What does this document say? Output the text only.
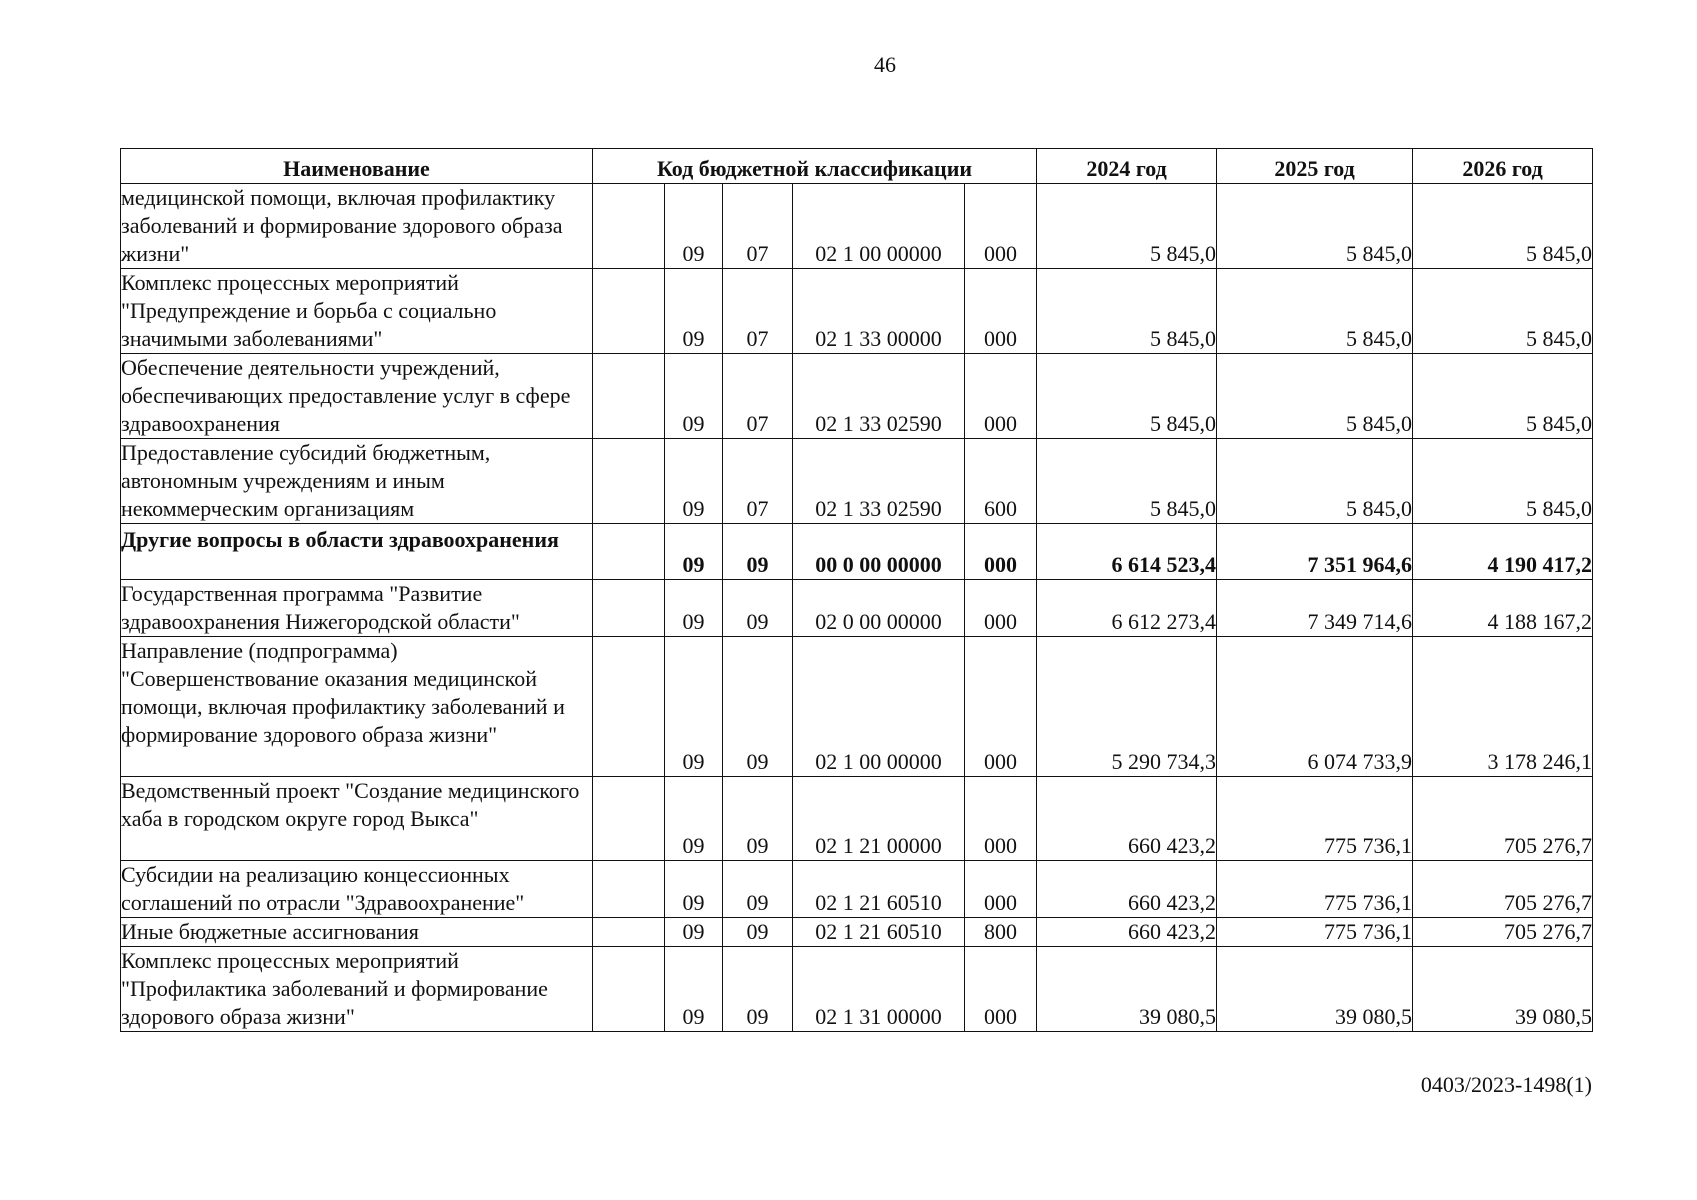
46
Наименование	Код бюджетной классификации					2024 год	2025 год	2026 год
медицинской помощи, включая профилактику заболеваний и формирование здорового образа жизни"		09	07	02 1 00 00000	000	5 845,0	5 845,0	5 845,0
Комплекс процессных мероприятий "Предупреждение и борьба с социально значимыми заболеваниями"		09	07	02 1 33 00000	000	5 845,0	5 845,0	5 845,0
Обеспечение деятельности учреждений, обеспечивающих предоставление услуг в сфере здравоохранения		09	07	02 1 33 02590	000	5 845,0	5 845,0	5 845,0
Предоставление субсидий бюджетным, автономным учреждениям и иным некоммерческим организациям		09	07	02 1 33 02590	600	5 845,0	5 845,0	5 845,0
Другие вопросы в области здравоохранения		09	09	00 0 00 00000	000	6 614 523,4	7 351 964,6	4 190 417,2
Государственная программа "Развитие здравоохранения Нижегородской области"		09	09	02 0 00 00000	000	6 612 273,4	7 349 714,6	4 188 167,2
Направление (подпрограмма) "Совершенствование оказания медицинской помощи, включая профилактику заболеваний и формирование здорового образа жизни"		09	09	02 1 00 00000	000	5 290 734,3	6 074 733,9	3 178 246,1
Ведомственный проект "Создание медицинского хаба в городском округе город Выкса"		09	09	02 1 21 00000	000	660 423,2	775 736,1	705 276,7
Субсидии на реализацию концессионных соглашений по отрасли "Здравоохранение"		09	09	02 1 21 60510	000	660 423,2	775 736,1	705 276,7
Иные бюджетные ассигнования		09	09	02 1 21 60510	800	660 423,2	775 736,1	705 276,7
Комплекс процессных мероприятий "Профилактика заболеваний и формирование здорового образа жизни"		09	09	02 1 31 00000	000	39 080,5	39 080,5	39 080,5
0403/2023-1498(1)
